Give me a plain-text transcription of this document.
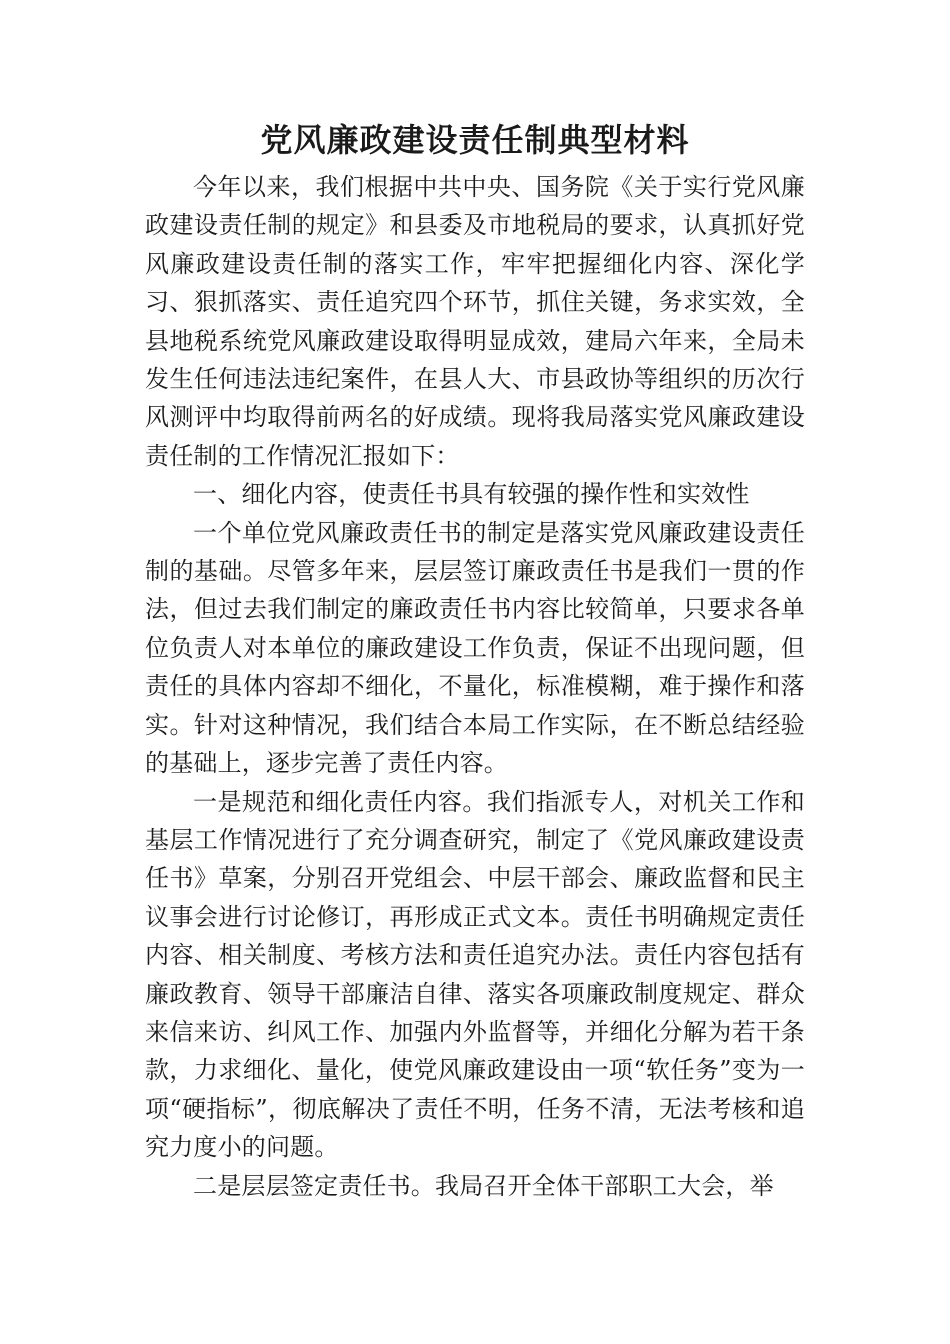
党风廉政建设责任制典型材料

今年以来，我们根据中共中央、国务院《关于实行党风廉政建设责任制的规定》和县委及市地税局的要求，认真抓好党风廉政建设责任制的落实工作，牢牢把握细化内容、深化学习、狠抓落实、责任追究四个环节，抓住关键，务求实效，全县地税系统党风廉政建设取得明显成效，建局六年来，全局未发生任何违法违纪案件，在县人大、市县政协等组织的历次行风测评中均取得前两名的好成绩。现将我局落实党风廉政建设责任制的工作情况汇报如下：

一、细化内容，使责任书具有较强的操作性和实效性

一个单位党风廉政责任书的制定是落实党风廉政建设责任制的基础。尽管多年来，层层签订廉政责任书是我们一贯的作法，但过去我们制定的廉政责任书内容比较简单，只要求各单位负责人对本单位的廉政建设工作负责，保证不出现问题，但责任的具体内容却不细化，不量化，标准模糊，难于操作和落实。针对这种情况，我们结合本局工作实际，在不断总结经验的基础上，逐步完善了责任内容。

一是规范和细化责任内容。我们指派专人，对机关工作和基层工作情况进行了充分调查研究，制定了《党风廉政建设责任书》草案，分别召开党组会、中层干部会、廉政监督和民主议事会进行讨论修订，再形成正式文本。责任书明确规定责任内容、相关制度、考核方法和责任追究办法。责任内容包括有廉政教育、领导干部廉洁自律、落实各项廉政制度规定、群众来信来访、纠风工作、加强内外监督等，并细化分解为若干条款，力求细化、量化，使党风廉政建设由一项“软任务”变为一项“硬指标”，彻底解决了责任不明，任务不清，无法考核和追究力度小的问题。

二是层层签定责任书。我局召开全体干部职工大会，举
